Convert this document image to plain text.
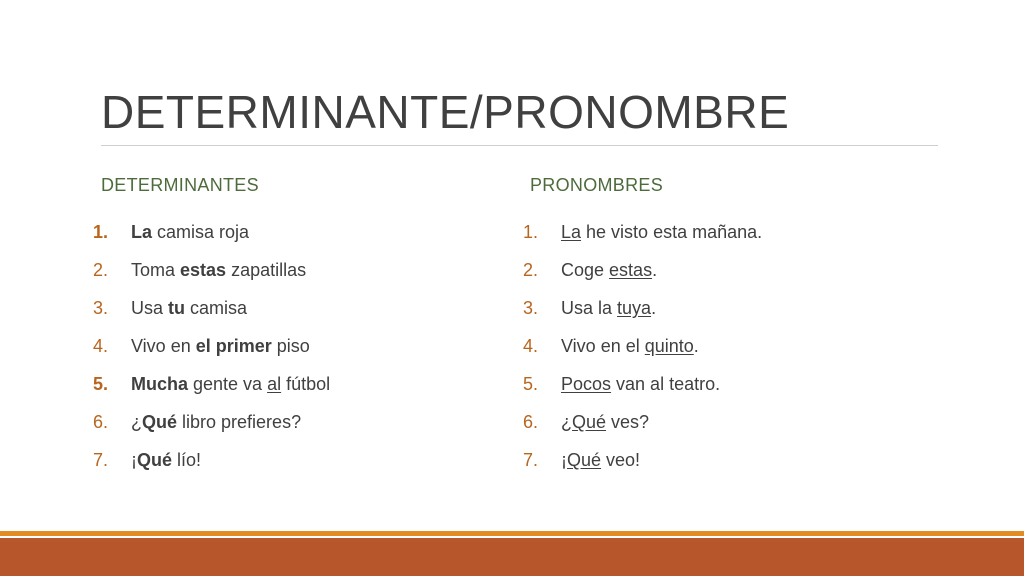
DETERMINANTE/PRONOMBRE
DETERMINANTES	PRONOMBRES
1. La camisa roja
2. Toma estas zapatillas
3. Usa tu camisa
4. Vivo en el primer piso
5. Mucha gente va al fútbol
6. ¿Qué libro prefieres?
7. ¡Qué lío!
1. La he visto esta mañana.
2. Coge estas.
3. Usa la tuya.
4. Vivo en el quinto.
5. Pocos van al teatro.
6. ¿Qué ves?
7. ¡Qué veo!
